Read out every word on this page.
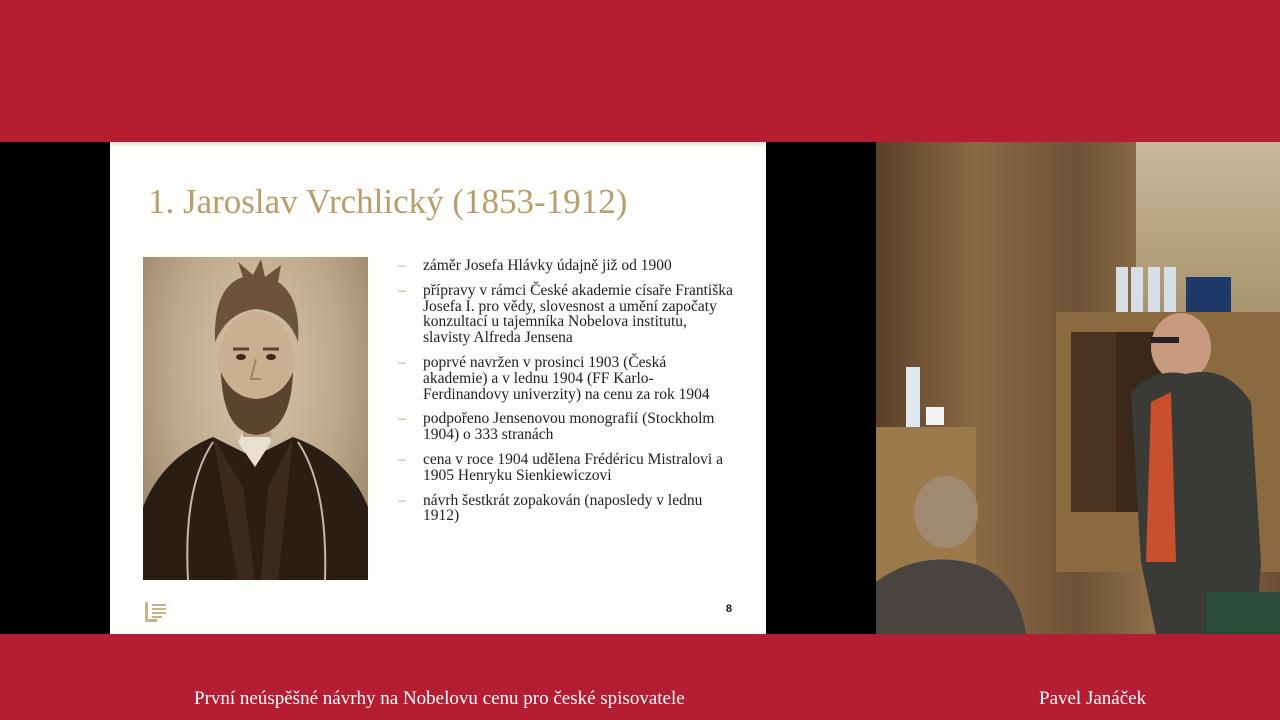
1. Jaroslav Vrchlický (1853-1912)
– záměr Josefa Hlávky údajně již od 1900
– přípravy v rámci České akademie císaře Františka Josefa I. pro vědy, slovesnost a umění započaty konzultací u tajemníka Nobelova institutu, slavisty Alfreda Jensena
– poprvé navržen v prosinci 1903 (Česká akademie) a v lednu 1904 (FF Karlo-Ferdinandovy univerzity) na cenu za rok 1904
– podpořeno Jensenovou monografií (Stockholm 1904) o 333 stranách
– cena v roce 1904 udělena Frédéricu Mistralovi a 1905 Henryku Sienkiewiczovi
– návrh šestkrát zopakován (naposledy v lednu 1912)
8
První neúspěšné návrhy na Nobelovu cenu pro české spisovatele	Pavel Janáček
